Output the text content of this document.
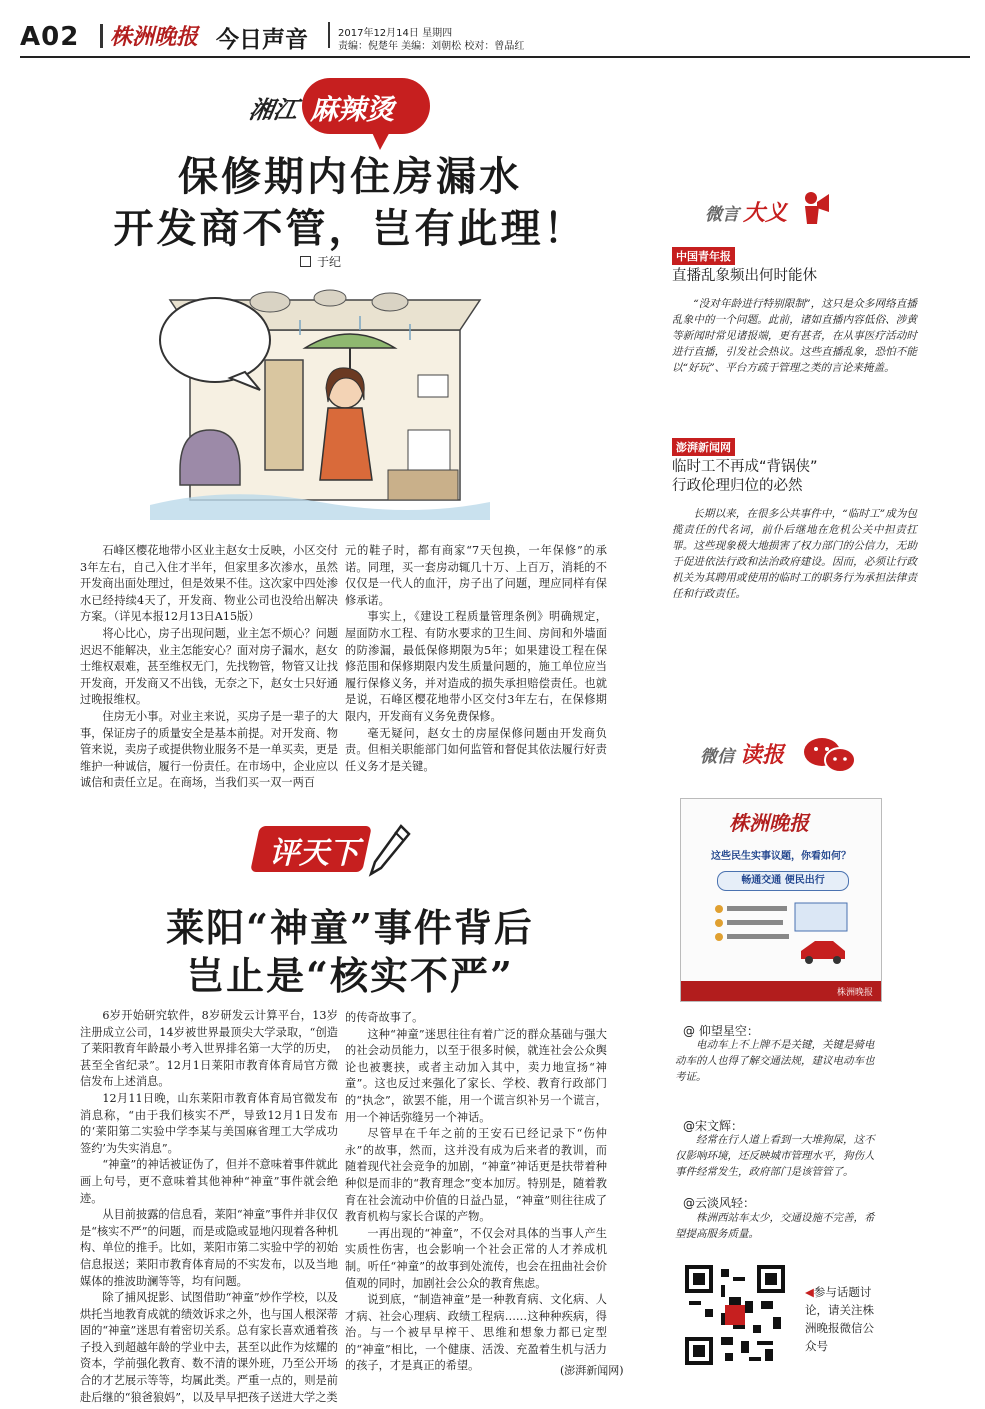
A02 株洲晚报 今日声音	2017年12月14日 星期四
责编：倪楚年 美编：刘朝松 校对：曾晶红
湘江 麻辣烫
保修期内住房漏水
开发商不管，岂有此理！
于纪

石峰区樱花地带小区业主赵女士反映，小区交付3年左右，自己入住才半年，但家里多次渗水，虽然开发商出面处理过，但是效果不佳。这次家中四处渗水已经持续4天了，开发商、物业公司也没给出解决方案。（详见本报12月13日A15版）

将心比心，房子出现问题，业主怎不烦心？问题迟迟不能解决，业主怎能安心？面对房子漏水，赵女士维权艰难，甚至维权无门，先找物管，物管又让找开发商，开发商又不出钱，无奈之下，赵女士只好通过晚报维权。

住房无小事。对业主来说，买房子是一辈子的大事，保证房子的质量安全是基本前提。对开发商、物管来说，卖房子或提供物业服务不是一单买卖，更是维护一种诚信，履行一份责任。在市场中，企业应以诚信和责任立足。在商场，当我们买一双一两百

元的鞋子时，都有商家“7天包换，一年保修”的承诺。同理，买一套房动辄几十万、上百万，消耗的不仅仅是一代人的血汗，房子出了问题，理应同样有保修承诺。

事实上，《建设工程质量管理条例》明确规定，屋面防水工程、有防水要求的卫生间、房间和外墙面的防渗漏，最低保修期限为5年；如果建设工程在保修范围和保修期限内发生质量问题的，施工单位应当履行保修义务，并对造成的损失承担赔偿责任。也就是说，石峰区樱花地带小区交付3年左右，在保修期限内，开发商有义务免费保修。

毫无疑问，赵女士的房屋保修问题由开发商负责。但相关职能部门如何监管和督促其依法履行好责任义务才是关键。

评天下
莱阳“神童”事件背后
岂止是“核实不严”

6岁开始研究软件，8岁研发云计算平台，13岁注册成立公司，14岁被世界最顶尖大学录取，“创造了莱阳教育年龄最小考入世界排名第一大学的历史，甚至全省纪录”。12月1日莱阳市教育体育局官方微信发布上述消息。

12月11日晚，山东莱阳市教育体育局官微发布消息称，“由于我们核实不严，导致12月1日发布的‘莱阳第二实验中学李某与美国麻省理工大学成功签约’为失实消息”。

“神童”的神话被证伪了，但并不意味着事件就此画上句号，更不意味着其他神种“神童”事件就会绝迹。

从目前披露的信息看，莱阳“神童”事件并非仅仅是“核实不严”的问题，而是或隐或显地闪现着各种机构、单位的推手。比如，莱阳市第二实验中学的初始信息报送；莱阳市教育体育局的不实发布，以及当地媒体的推波助澜等等，均有问题。

除了捕风捉影、试图借助“神童”炒作学校，以及烘托当地教育成就的绩效诉求之外，也与国人根深蒂固的“神童”迷思有着密切关系。总有家长喜欢通着孩子投入到超越年龄的学业中去，甚至以此作为炫耀的资本，学前强化教育、数不清的课外班，乃至公开场合的才艺展示等等，均属此类。严重一点的，则是前赴后继的“狼爸狼妈”，以及早早把孩子送进大学之类

的传奇故事了。

这种“神童”迷思往往有着广泛的群众基础与强大的社会动员能力，以至于很多时候，就连社会公众舆论也被裹挟，或者主动加入其中，卖力地宣扬“神童”。这也反过来强化了家长、学校、教育行政部门的“执念”，欲罢不能，用一个谎言织补另一个谎言，用一个神话弥缝另一个神话。

尽管早在千年之前的王安石已经记录下“伤仲永”的故事，然而，这并没有成为后来者的教训，而随着现代社会竞争的加剧，“神童”神话更是扶带着种种似是而非的“教育理念”变本加厉。特别是，随着教育在社会流动中价值的日益凸显，“神童”则往往成了教育机构与家长合谋的产物。

一再出现的“神童”，不仅会对具体的当事人产生实质性伤害，也会影响一个社会正常的人才养成机制。听任“神童”的故事到处流传，也会在扭曲社会价值观的同时，加剧社会公众的教育焦虑。

说到底，“制造神童”是一种教育病、文化病、人才病、社会心理病、政绩工程病……这种种疾病，得治。与一个被早早榨干、思维和想象力都已定型的“神童”相比，一个健康、活泼、充盈着生机与活力的孩子，才是真正的希望。	(澎湃新闻网)
微言 大义
中国青年报
直播乱象频出何时能休

“没对年龄进行特别限制”，这只是众多网络直播乱象中的一个问题。此前，诸如直播内容低俗、涉黄等新闻时常见诸报端，更有甚者，在从事医疗活动时进行直播，引发社会热议。这些直播乱象，恐怕不能以“好玩”、平台方疏于管理之类的言论来掩盖。

澎湃新闻网
临时工不再成“背锅侠”
行政伦理归位的必然

长期以来，在很多公共事件中，“临时工”成为包揽责任的代名词，前仆后继地在危机公关中担责扛罪。这些现象极大地损害了权力部门的公信力，无助于促进依法行政和法治政府建设。因而，必须让行政机关为其聘用或使用的临时工的职务行为承担法律责任和行政责任。

微信 读报
株洲晚报
这些民生实事议题，你看如何？
畅通交通 便民出行
株洲晚报
@ 仰望星空：
电动车上不上牌不是关键，关键是骑电动车的人也得了解交通法规，建议电动车也考证。
@宋文辉：
经常在行人道上看到一大堆狗屎，这不仅影响环境，还反映城市管理水平，狗伤人事件经常发生，政府部门是该管管了。
@云淡风轻：
株洲西站车太少，交通设施不完善，希望提高服务质量。
◀参与话题讨论，请关注株洲晚报微信公众号
